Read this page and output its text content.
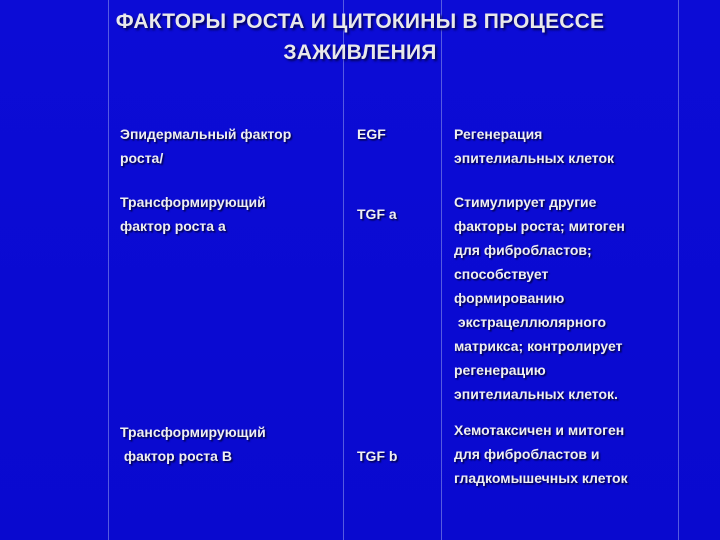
ФАКТОРЫ РОСТА И ЦИТОКИНЫ В ПРОЦЕССЕ
ЗАЖИВЛЕНИЯ
Эпидермальный фактор
роста/
EGF	Регенерация
эпителиальных клеток
Трансформирующий
фактор роста a
TGF a
Стимулирует другие
факторы роста; митоген
для фибробластов;
способствует
формированию
экстрацеллюлярного
матрикса; контролирует
регенерацию
эпителиальных клеток.
Трансформирующий
фактор роста B	TGF b
Хемотаксичен и митоген
для фибробластов и
гладкомышечных клеток
